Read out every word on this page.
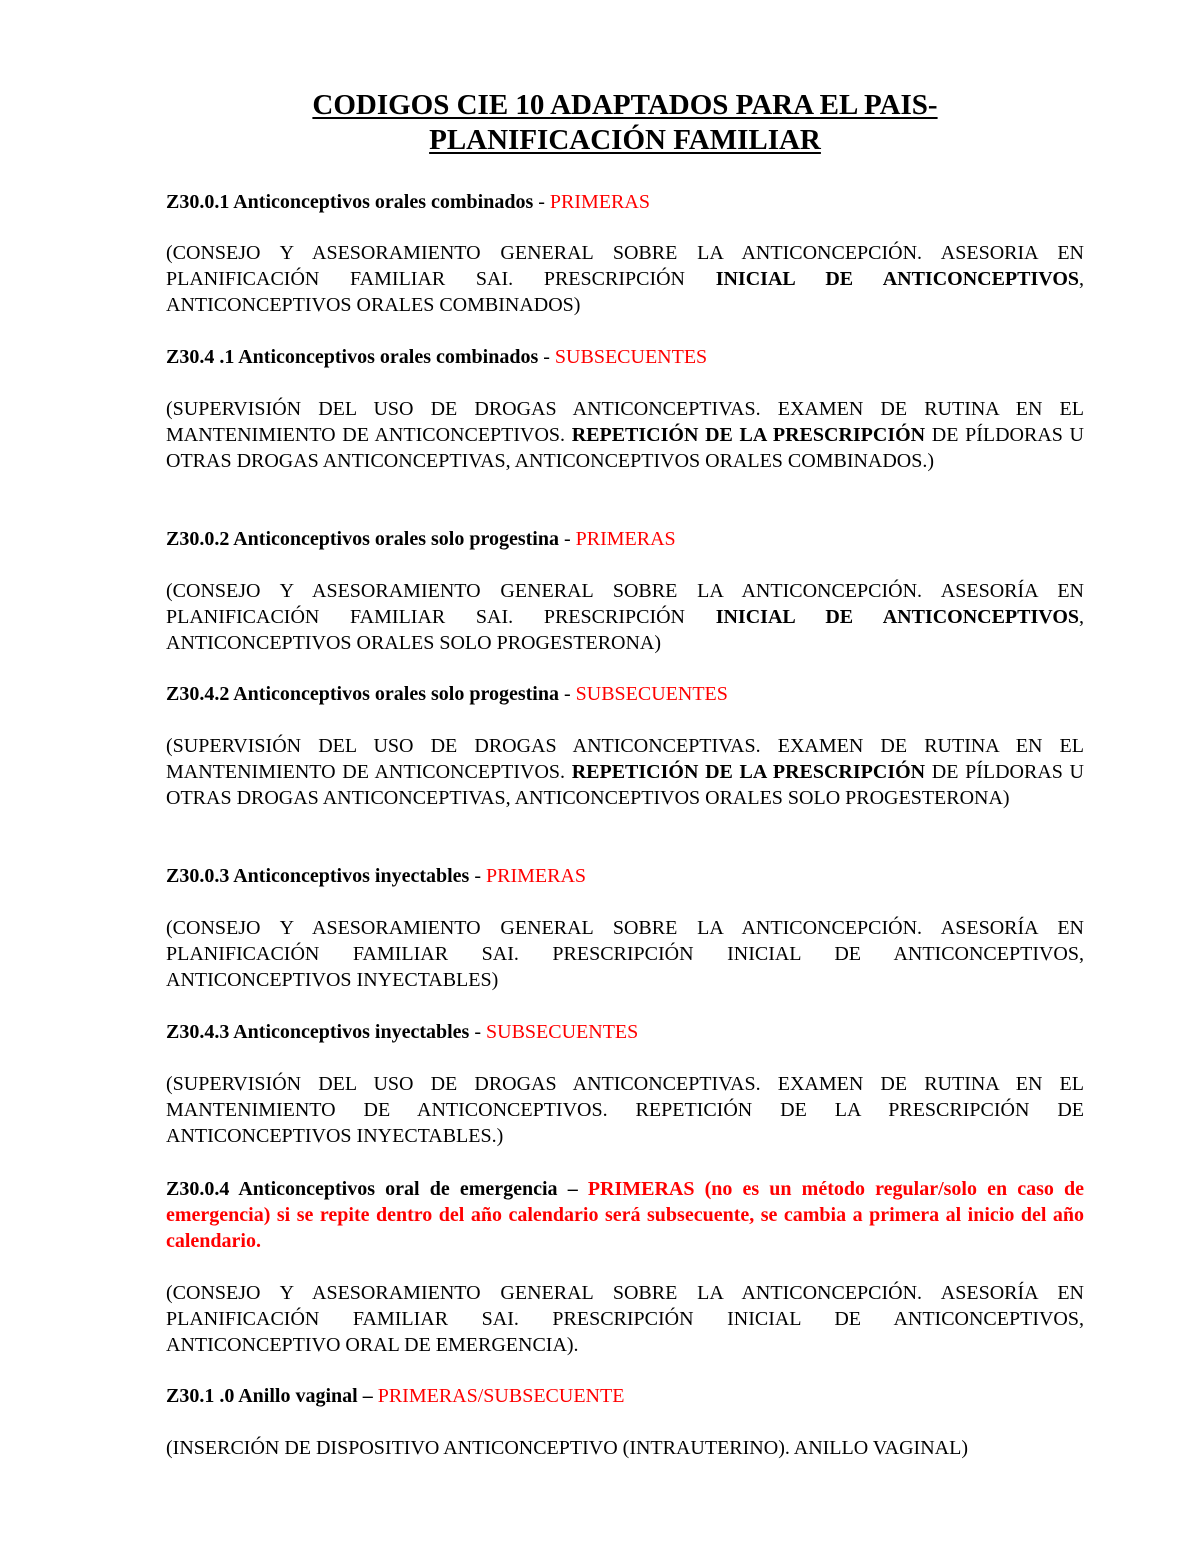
CODIGOS CIE 10 ADAPTADOS PARA EL PAIS-

PLANIFICACIÓN FAMILIAR

Z30.0.1 Anticonceptivos orales combinados - PRIMERAS

(CONSEJO Y ASESORAMIENTO GENERAL SOBRE LA ANTICONCEPCIÓN. ASESORIA EN PLANIFICACIÓN FAMILIAR SAI. PRESCRIPCIÓN INICIAL DE ANTICONCEPTIVOS, ANTICONCEPTIVOS ORALES COMBINADOS)

Z30.4 .1 Anticonceptivos orales combinados - SUBSECUENTES

(SUPERVISIÓN DEL USO DE DROGAS ANTICONCEPTIVAS. EXAMEN DE RUTINA EN EL MANTENIMIENTO DE ANTICONCEPTIVOS. REPETICIÓN DE LA PRESCRIPCIÓN DE PÍLDORAS U OTRAS DROGAS ANTICONCEPTIVAS, ANTICONCEPTIVOS ORALES COMBINADOS.)

Z30.0.2 Anticonceptivos orales solo progestina - PRIMERAS

(CONSEJO Y ASESORAMIENTO GENERAL SOBRE LA ANTICONCEPCIÓN. ASESORÍA EN PLANIFICACIÓN FAMILIAR SAI. PRESCRIPCIÓN INICIAL DE ANTICONCEPTIVOS, ANTICONCEPTIVOS ORALES SOLO PROGESTERONA)

Z30.4.2 Anticonceptivos orales solo progestina - SUBSECUENTES

(SUPERVISIÓN DEL USO DE DROGAS ANTICONCEPTIVAS. EXAMEN DE RUTINA EN EL MANTENIMIENTO DE ANTICONCEPTIVOS. REPETICIÓN DE LA PRESCRIPCIÓN DE PÍLDORAS U OTRAS DROGAS ANTICONCEPTIVAS, ANTICONCEPTIVOS ORALES SOLO PROGESTERONA)

Z30.0.3 Anticonceptivos inyectables - PRIMERAS

(CONSEJO Y ASESORAMIENTO GENERAL SOBRE LA ANTICONCEPCIÓN. ASESORÍA EN PLANIFICACIÓN FAMILIAR SAI. PRESCRIPCIÓN INICIAL DE ANTICONCEPTIVOS, ANTICONCEPTIVOS INYECTABLES)

Z30.4.3 Anticonceptivos inyectables - SUBSECUENTES

(SUPERVISIÓN DEL USO DE DROGAS ANTICONCEPTIVAS. EXAMEN DE RUTINA EN EL MANTENIMIENTO DE ANTICONCEPTIVOS. REPETICIÓN DE LA PRESCRIPCIÓN DE ANTICONCEPTIVOS INYECTABLES.)

Z30.0.4 Anticonceptivos oral de emergencia – PRIMERAS (no es un método regular/solo en caso de emergencia) si se repite dentro del año calendario será subsecuente, se cambia a primera al inicio del año calendario.

(CONSEJO Y ASESORAMIENTO GENERAL SOBRE LA ANTICONCEPCIÓN. ASESORÍA EN PLANIFICACIÓN FAMILIAR SAI. PRESCRIPCIÓN INICIAL DE ANTICONCEPTIVOS, ANTICONCEPTIVO ORAL DE EMERGENCIA).

Z30.1 .0 Anillo vaginal – PRIMERAS/SUBSECUENTE

(INSERCIÓN DE DISPOSITIVO ANTICONCEPTIVO (INTRAUTERINO). ANILLO VAGINAL)
